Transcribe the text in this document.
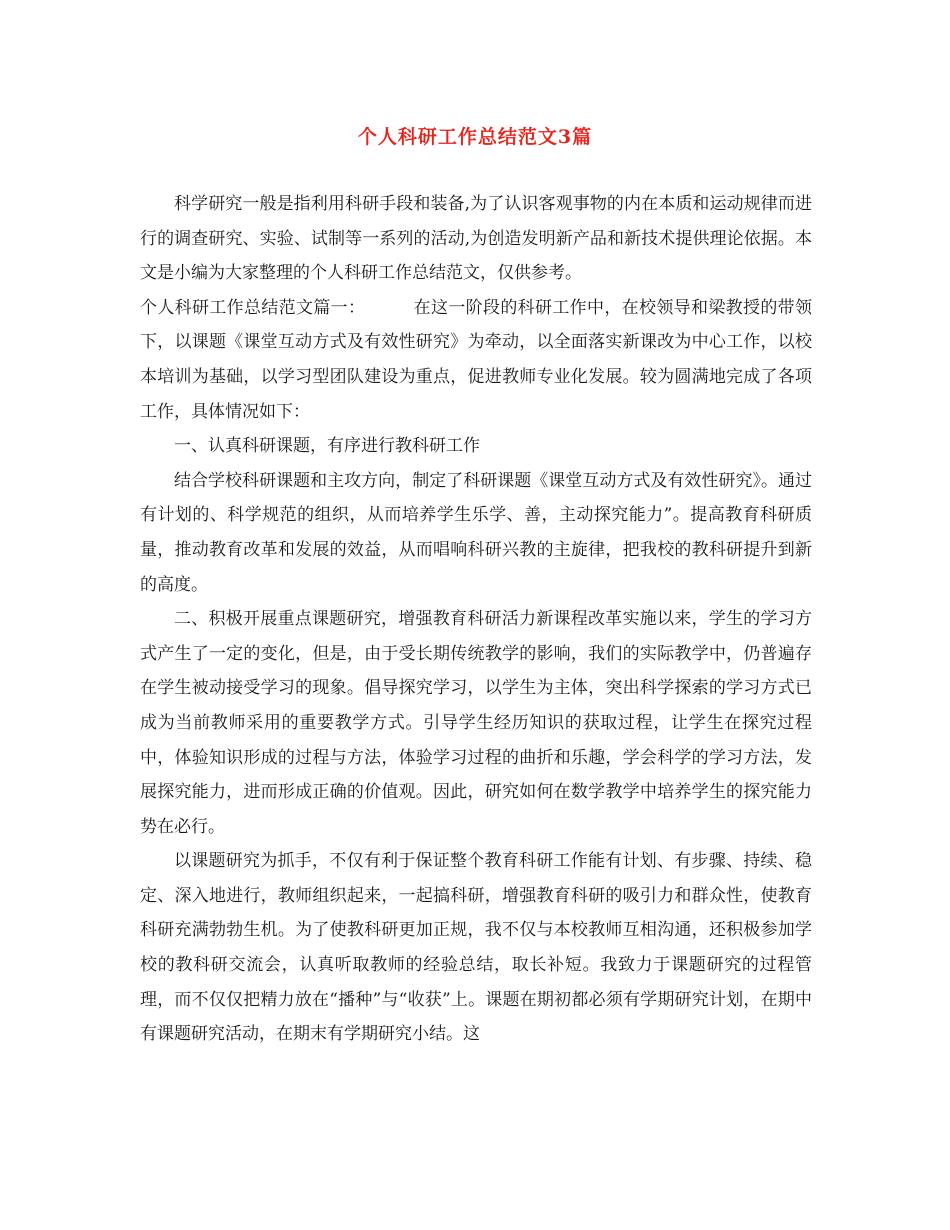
个人科研工作总结范文3篇

科学研究一般是指利用科研手段和装备,为了认识客观事物的内在本质和运动规律而进行的调查研究、实验、试制等一系列的活动,为创造发明新产品和新技术提供理论依据。本文是小编为大家整理的个人科研工作总结范文，仅供参考。

个人科研工作总结范文篇一：	在这一阶段的科研工作中，在校领导和梁教授的带领下，以课题《课堂互动方式及有效性研究》为牵动，以全面落实新课改为中心工作，以校本培训为基础，以学习型团队建设为重点，促进教师专业化发展。较为圆满地完成了各项工作，具体情况如下：

一、认真科研课题，有序进行教科研工作

结合学校科研课题和主攻方向，制定了科研课题《课堂互动方式及有效性研究》。通过有计划的、科学规范的组织，从而培养学生乐学、善，主动探究能力”。提高教育科研质量，推动教育改革和发展的效益，从而唱响科研兴教的主旋律，把我校的教科研提升到新的高度。

二、积极开展重点课题研究，增强教育科研活力新课程改革实施以来，学生的学习方式产生了一定的变化，但是，由于受长期传统教学的影响，我们的实际教学中，仍普遍存在学生被动接受学习的现象。倡导探究学习，以学生为主体，突出科学探索的学习方式已成为当前教师采用的重要教学方式。引导学生经历知识的获取过程，让学生在探究过程中，体验知识形成的过程与方法，体验学习过程的曲折和乐趣，学会科学的学习方法，发展探究能力，进而形成正确的价值观。因此，研究如何在数学教学中培养学生的探究能力势在必行。

以课题研究为抓手，不仅有利于保证整个教育科研工作能有计划、有步骤、持续、稳定、深入地进行，教师组织起来，一起搞科研，增强教育科研的吸引力和群众性，使教育科研充满勃勃生机。为了使教科研更加正规，我不仅与本校教师互相沟通，还积极参加学校的教科研交流会，认真听取教师的经验总结，取长补短。我致力于课题研究的过程管理，而不仅仅把精力放在“播种”与“收获”上。课题在期初都必须有学期研究计划，在期中有课题研究活动，在期末有学期研究小结。这
